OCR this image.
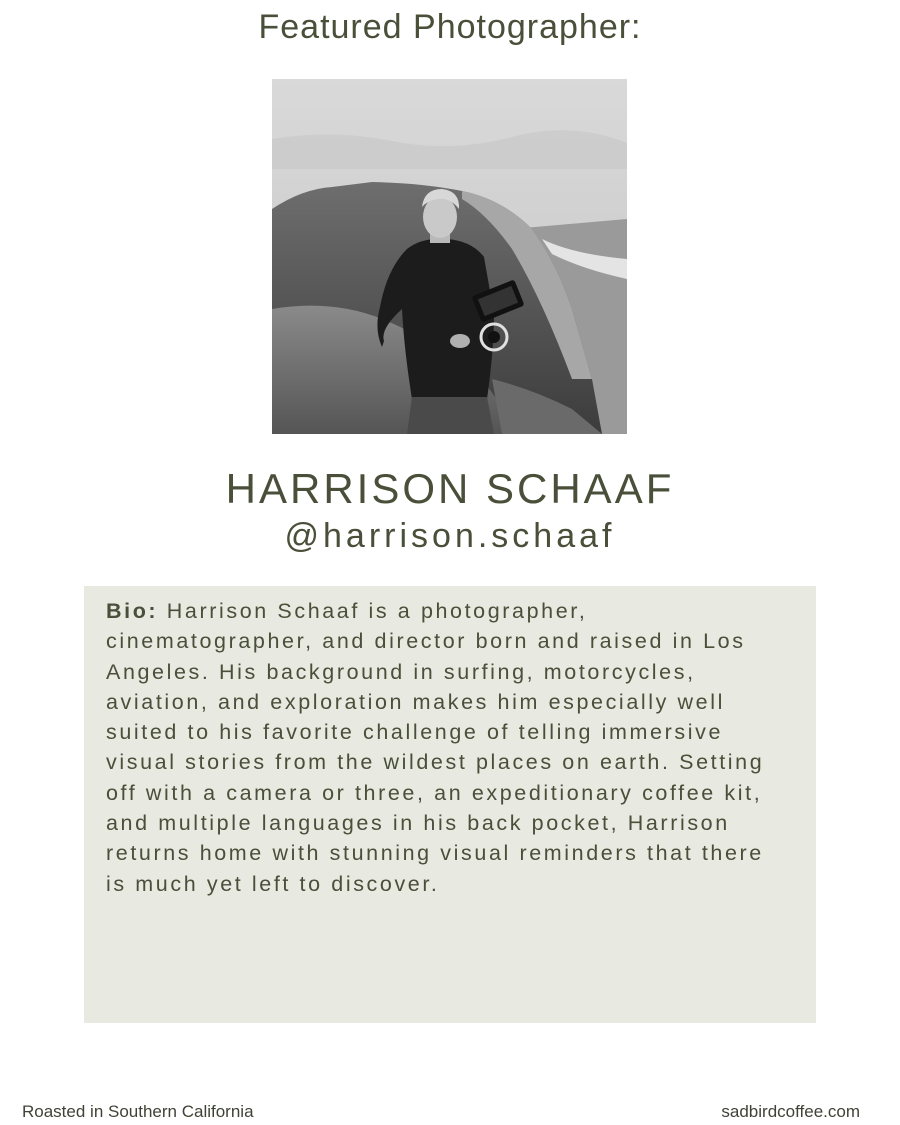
Featured Photographer:
HARRISON SCHAAF
@harrison.schaaf

Bio: Harrison Schaaf is a photographer, cinematographer, and director born and raised in Los Angeles. His background in surfing, motorcycles, aviation, and exploration makes him especially well suited to his favorite challenge of telling immersive visual stories from the wildest places on earth. Setting off with a camera or three, an expeditionary coffee kit, and multiple languages in his back pocket, Harrison returns home with stunning visual reminders that there is much yet left to discover.

Roasted in Southern California	sadbirdcoffee.com
